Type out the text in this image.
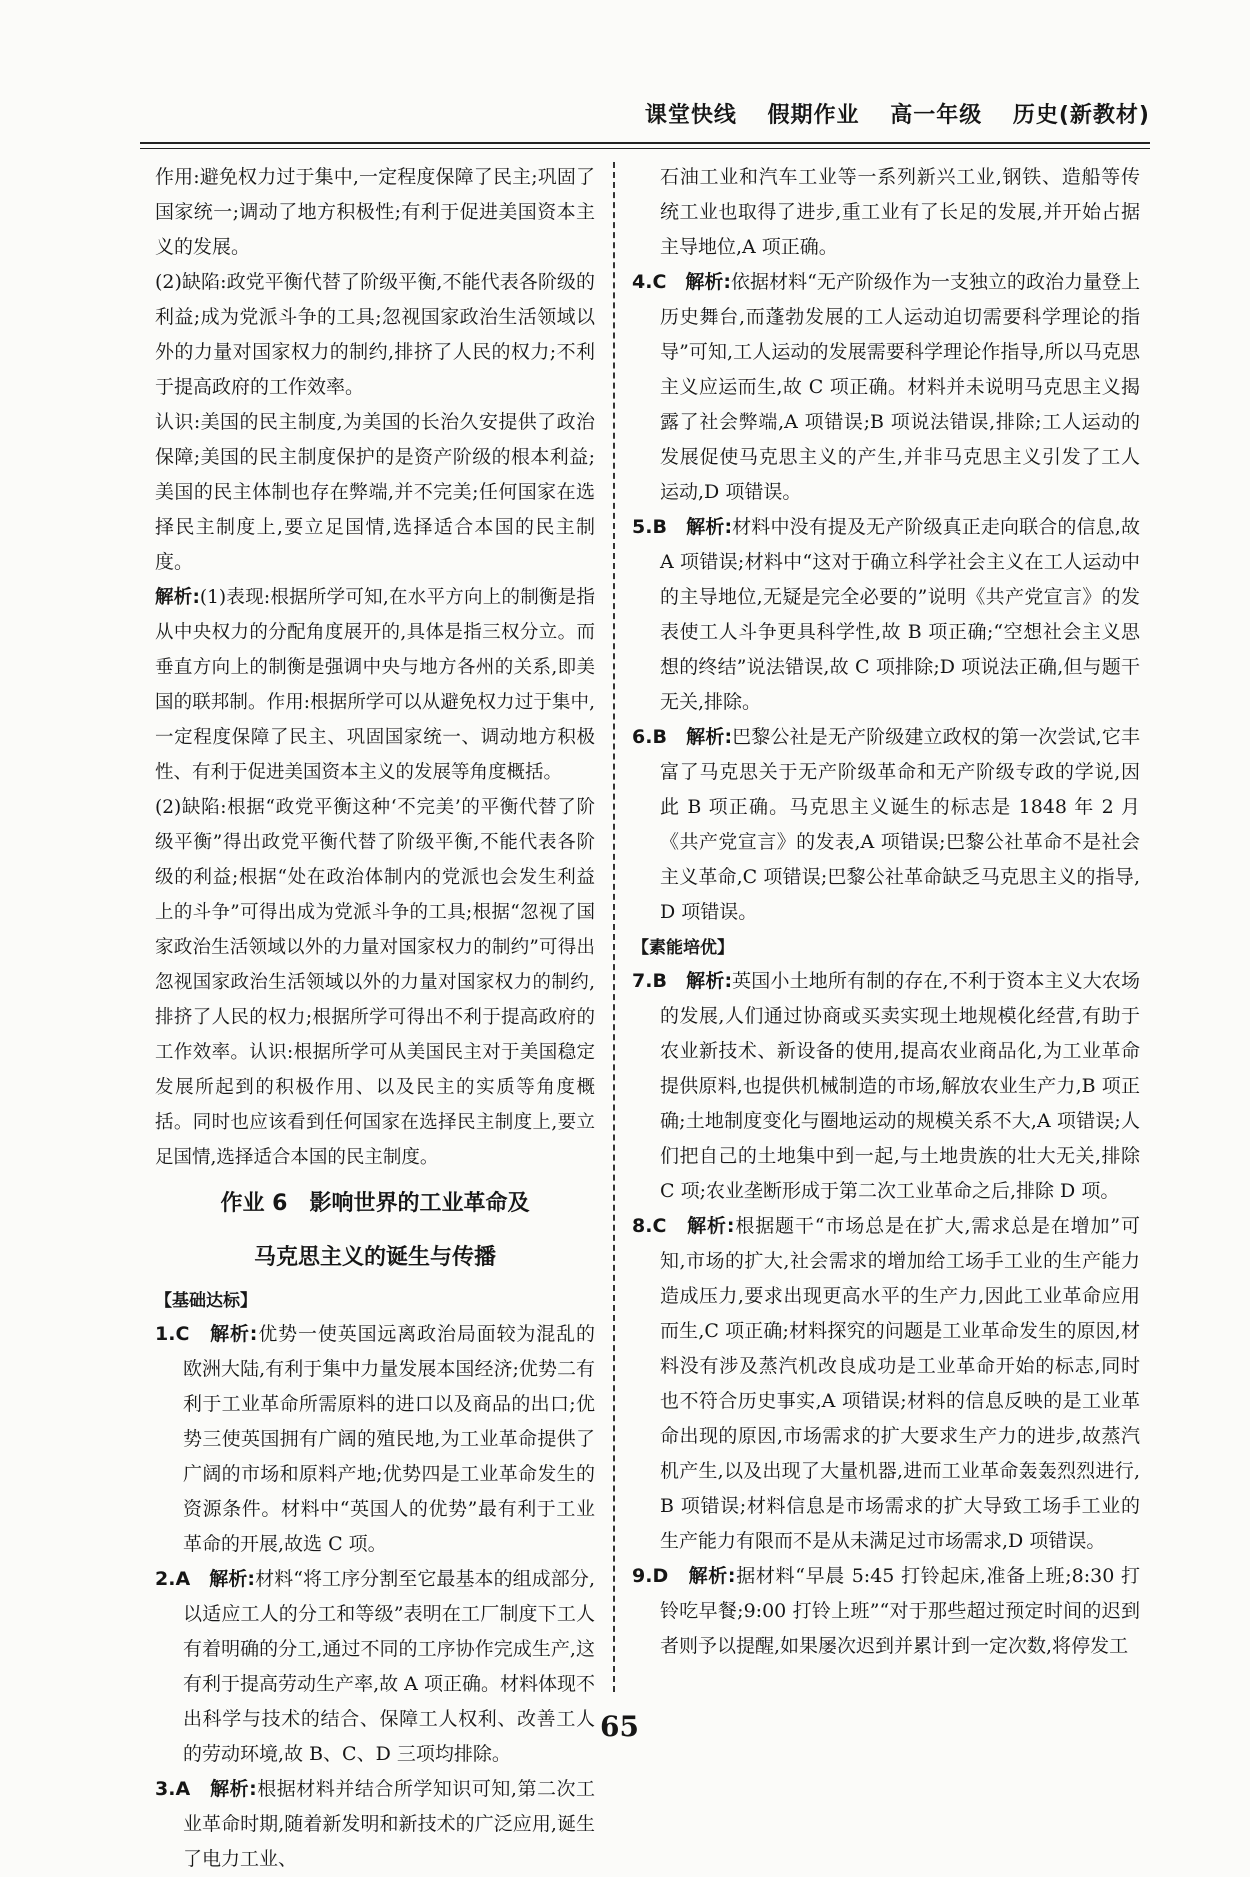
课堂快线 假期作业 高一年级 历史(新教材)

作用:避免权力过于集中,一定程度保障了民主;巩固了国家统一;调动了地方积极性;有利于促进美国资本主义的发展。

(2)缺陷:政党平衡代替了阶级平衡,不能代表各阶级的利益;成为党派斗争的工具;忽视国家政治生活领域以外的力量对国家权力的制约,排挤了人民的权力;不利于提高政府的工作效率。

认识:美国的民主制度,为美国的长治久安提供了政治保障;美国的民主制度保护的是资产阶级的根本利益;美国的民主体制也存在弊端,并不完美;任何国家在选择民主制度上,要立足国情,选择适合本国的民主制度。

解析:(1)表现:根据所学可知,在水平方向上的制衡是指从中央权力的分配角度展开的,具体是指三权分立。而垂直方向上的制衡是强调中央与地方各州的关系,即美国的联邦制。作用:根据所学可以从避免权力过于集中,一定程度保障了民主、巩固国家统一、调动地方积极性、有利于促进美国资本主义的发展等角度概括。

(2)缺陷:根据“政党平衡这种‘不完美’的平衡代替了阶级平衡”得出政党平衡代替了阶级平衡,不能代表各阶级的利益;根据“处在政治体制内的党派也会发生利益上的斗争”可得出成为党派斗争的工具;根据“忽视了国家政治生活领域以外的力量对国家权力的制约”可得出忽视国家政治生活领域以外的力量对国家权力的制约,排挤了人民的权力;根据所学可得出不利于提高政府的工作效率。认识:根据所学可从美国民主对于美国稳定发展所起到的积极作用、以及民主的实质等角度概括。同时也应该看到任何国家在选择民主制度上,要立足国情,选择适合本国的民主制度。

作业 6　影响世界的工业革命及
马克思主义的诞生与传播
【基础达标】

1.C　解析:优势一使英国远离政治局面较为混乱的欧洲大陆,有利于集中力量发展本国经济;优势二有利于工业革命所需原料的进口以及商品的出口;优势三使英国拥有广阔的殖民地,为工业革命提供了广阔的市场和原料产地;优势四是工业革命发生的资源条件。材料中“英国人的优势”最有利于工业革命的开展,故选 C 项。

2.A　解析:材料“将工序分割至它最基本的组成部分,以适应工人的分工和等级”表明在工厂制度下工人有着明确的分工,通过不同的工序协作完成生产,这有利于提高劳动生产率,故 A 项正确。材料体现不出科学与技术的结合、保障工人权利、改善工人的劳动环境,故 B、C、D 三项均排除。

3.A　解析:根据材料并结合所学知识可知,第二次工业革命时期,随着新发明和新技术的广泛应用,诞生了电力工业、

石油工业和汽车工业等一系列新兴工业,钢铁、造船等传统工业也取得了进步,重工业有了长足的发展,并开始占据主导地位,A 项正确。

4.C　解析:依据材料“无产阶级作为一支独立的政治力量登上历史舞台,而蓬勃发展的工人运动迫切需要科学理论的指导”可知,工人运动的发展需要科学理论作指导,所以马克思主义应运而生,故 C 项正确。材料并未说明马克思主义揭露了社会弊端,A 项错误;B 项说法错误,排除;工人运动的发展促使马克思主义的产生,并非马克思主义引发了工人运动,D 项错误。

5.B　解析:材料中没有提及无产阶级真正走向联合的信息,故 A 项错误;材料中“这对于确立科学社会主义在工人运动中的主导地位,无疑是完全必要的”说明《共产党宣言》的发表使工人斗争更具科学性,故 B 项正确;“空想社会主义思想的终结”说法错误,故 C 项排除;D 项说法正确,但与题干无关,排除。

6.B　解析:巴黎公社是无产阶级建立政权的第一次尝试,它丰富了马克思关于无产阶级革命和无产阶级专政的学说,因此 B 项正确。马克思主义诞生的标志是 1848 年 2 月《共产党宣言》的发表,A 项错误;巴黎公社革命不是社会主义革命,C 项错误;巴黎公社革命缺乏马克思主义的指导,D 项错误。

【素能培优】

7.B　解析:英国小土地所有制的存在,不利于资本主义大农场的发展,人们通过协商或买卖实现土地规模化经营,有助于农业新技术、新设备的使用,提高农业商品化,为工业革命提供原料,也提供机械制造的市场,解放农业生产力,B 项正确;土地制度变化与圈地运动的规模关系不大,A 项错误;人们把自己的土地集中到一起,与土地贵族的壮大无关,排除 C 项;农业垄断形成于第二次工业革命之后,排除 D 项。

8.C　解析:根据题干“市场总是在扩大,需求总是在增加”可知,市场的扩大,社会需求的增加给工场手工业的生产能力造成压力,要求出现更高水平的生产力,因此工业革命应用而生,C 项正确;材料探究的问题是工业革命发生的原因,材料没有涉及蒸汽机改良成功是工业革命开始的标志,同时也不符合历史事实,A 项错误;材料的信息反映的是工业革命出现的原因,市场需求的扩大要求生产力的进步,故蒸汽机产生,以及出现了大量机器,进而工业革命轰轰烈烈进行,B 项错误;材料信息是市场需求的扩大导致工场手工业的生产能力有限而不是从未满足过市场需求,D 项错误。

9.D　解析:据材料“早晨 5:45 打铃起床,准备上班;8:30 打铃吃早餐;9:00 打铃上班”“对于那些超过预定时间的迟到者则予以提醒,如果屡次迟到并累计到一定次数,将停发工

65
